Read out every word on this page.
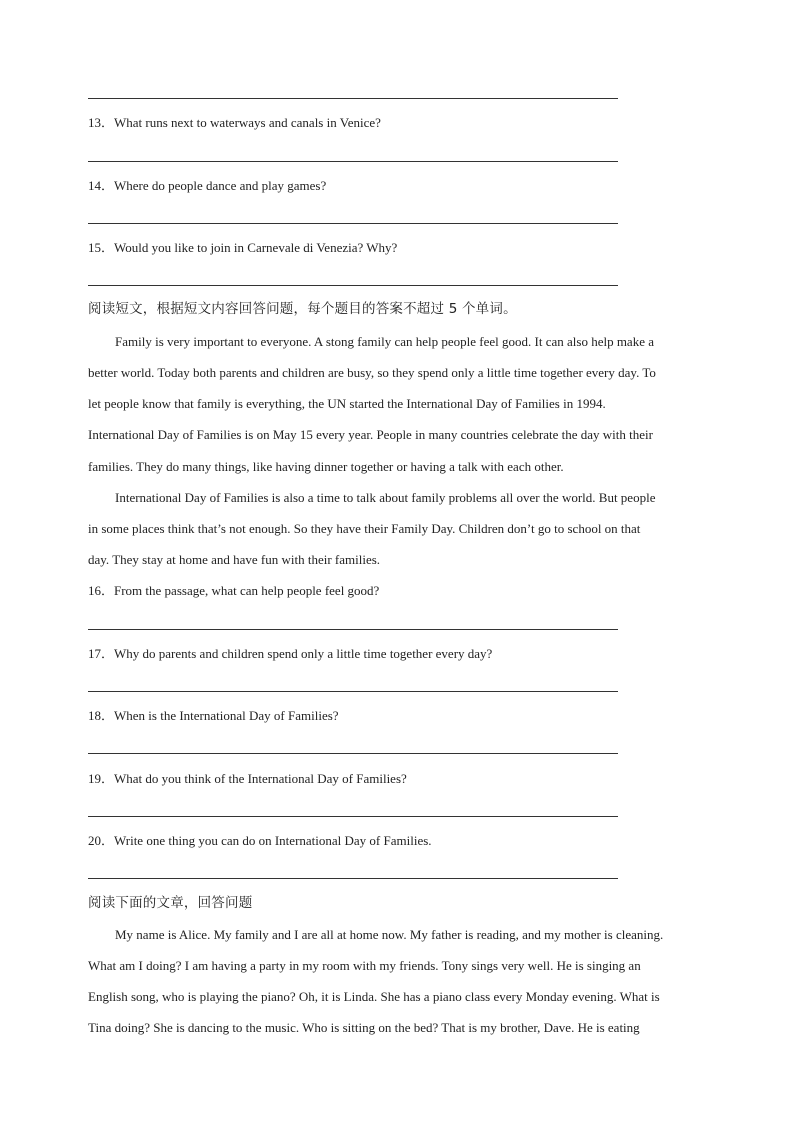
13．What runs next to waterways and canals in Venice?
14．Where do people dance and play games?
15．Would you like to join in Carnevale di Venezia? Why?
阅读短文，根据短文内容回答问题，每个题目的答案不超过 5 个单词。
Family is very important to everyone. A stong family can help people feel good. It can also help make a
better world. Today both parents and children are busy, so they spend only a little time together every day. To
let people know that family is everything, the UN started the International Day of Families in 1994.
International Day of Families is on May 15 every year. People in many countries celebrate the day with their
families. They do many things, like having dinner together or having a talk with each other.
International Day of Families is also a time to talk about family problems all over the world. But people
in some places think that’s not enough. So they have their Family Day. Children don’t go to school on that
day. They stay at home and have fun with their families.
16．From the passage, what can help people feel good?
17．Why do parents and children spend only a little time together every day?
18．When is the International Day of Families?
19．What do you think of the International Day of Families?
20．Write one thing you can do on International Day of Families.
阅读下面的文章，回答问题
My name is Alice. My family and I are all at home now. My father is reading, and my mother is cleaning.
What am I doing? I am having a party in my room with my friends. Tony sings very well. He is singing an
English song, who is playing the piano? Oh, it is Linda. She has a piano class every Monday evening. What is
Tina doing? She is dancing to the music. Who is sitting on the bed? That is my brother, Dave. He is eating
